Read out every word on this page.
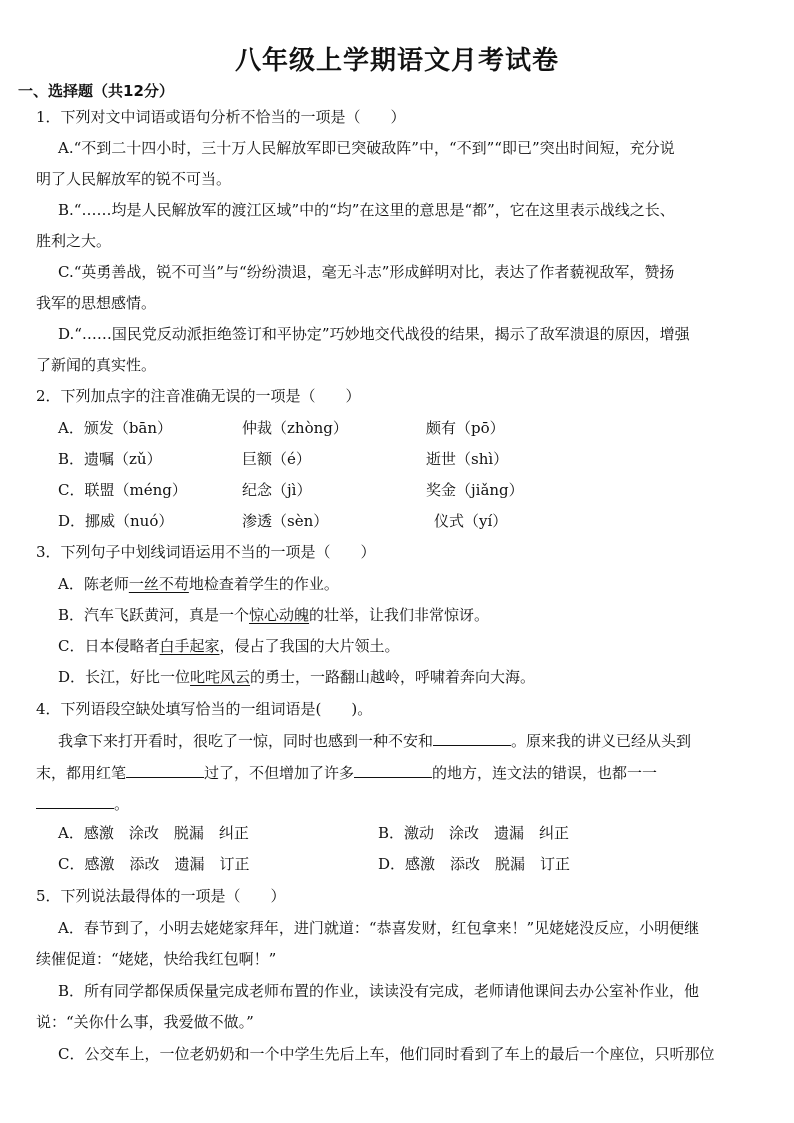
八年级上学期语文月考试卷
一、选择题（共12分）
1．下列对文中词语或语句分析不恰当的一项是（　　）
A.“不到二十四小时，三十万人民解放军即已突破敌阵”中，“不到”“即已”突出时间短，充分说
明了人民解放军的锐不可当。
B.“……均是人民解放军的渡江区域”中的“均”在这里的意思是“都”，它在这里表示战线之长、
胜利之大。
C.“英勇善战，锐不可当”与“纷纷溃退，毫无斗志”形成鲜明对比，表达了作者藐视敌军，赞扬
我军的思想感情。
D.“……国民党反动派拒绝签订和平协定”巧妙地交代战役的结果，揭示了敌军溃退的原因，增强
了新闻的真实性。
2．下列加点字的注音准确无误的一项是（　　）
A．颁发（bān）	仲裁（zhòng）	颇有（pō）
B．遗嘱（zǔ）	巨额（é）	逝世（shì）
C．联盟（méng）	纪念（jì）	奖金（jiǎng）
D．挪威（nuó）	渗透（sèn）	仪式（yí）
3．下列句子中划线词语运用不当的一项是（　　）
A．陈老师一丝不苟地检查着学生的作业。
B．汽车飞跃黄河，真是一个惊心动魄的壮举，让我们非常惊讶。
C．日本侵略者白手起家，侵占了我国的大片领土。
D．长江，好比一位叱咤风云的勇士，一路翻山越岭，呼啸着奔向大海。
4．下列语段空缺处填写恰当的一组词语是(　　)。
我拿下来打开看时，很吃了一惊，同时也感到一种不安和	。原来我的讲义已经从头到
末，都用红笔	过了，不但增加了许多	的地方，连文法的错误，也都一一
。
A．感激　涂改　脱漏　纠正	B．激动　涂改　遗漏　纠正
C．感激　添改　遗漏　订正	D．感激　添改　脱漏　订正
5．下列说法最得体的一项是（　　）
A．春节到了，小明去姥姥家拜年，进门就道：“恭喜发财，红包拿来！”见姥姥没反应，小明便继
续催促道：“姥姥，快给我红包啊！”
B．所有同学都保质保量完成老师布置的作业，读读没有完成，老师请他课间去办公室补作业，他
说：“关你什么事，我爱做不做。”
C．公交车上，一位老奶奶和一个中学生先后上车，他们同时看到了车上的最后一个座位，只听那位
